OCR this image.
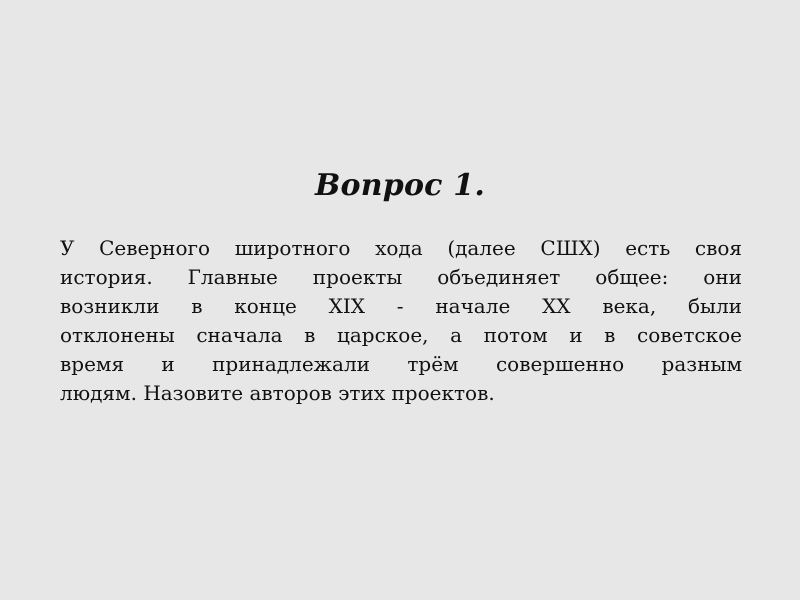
Вопрос 1.
У Северного широтного хода (далее СШХ) есть своя
история. Главные проекты объединяет общее: они
возникли в конце XIX - начале XX века, были
отклонены сначала в царское, а потом и в советское
время и принадлежали трём совершенно разным
людям. Назовите авторов этих проектов.
